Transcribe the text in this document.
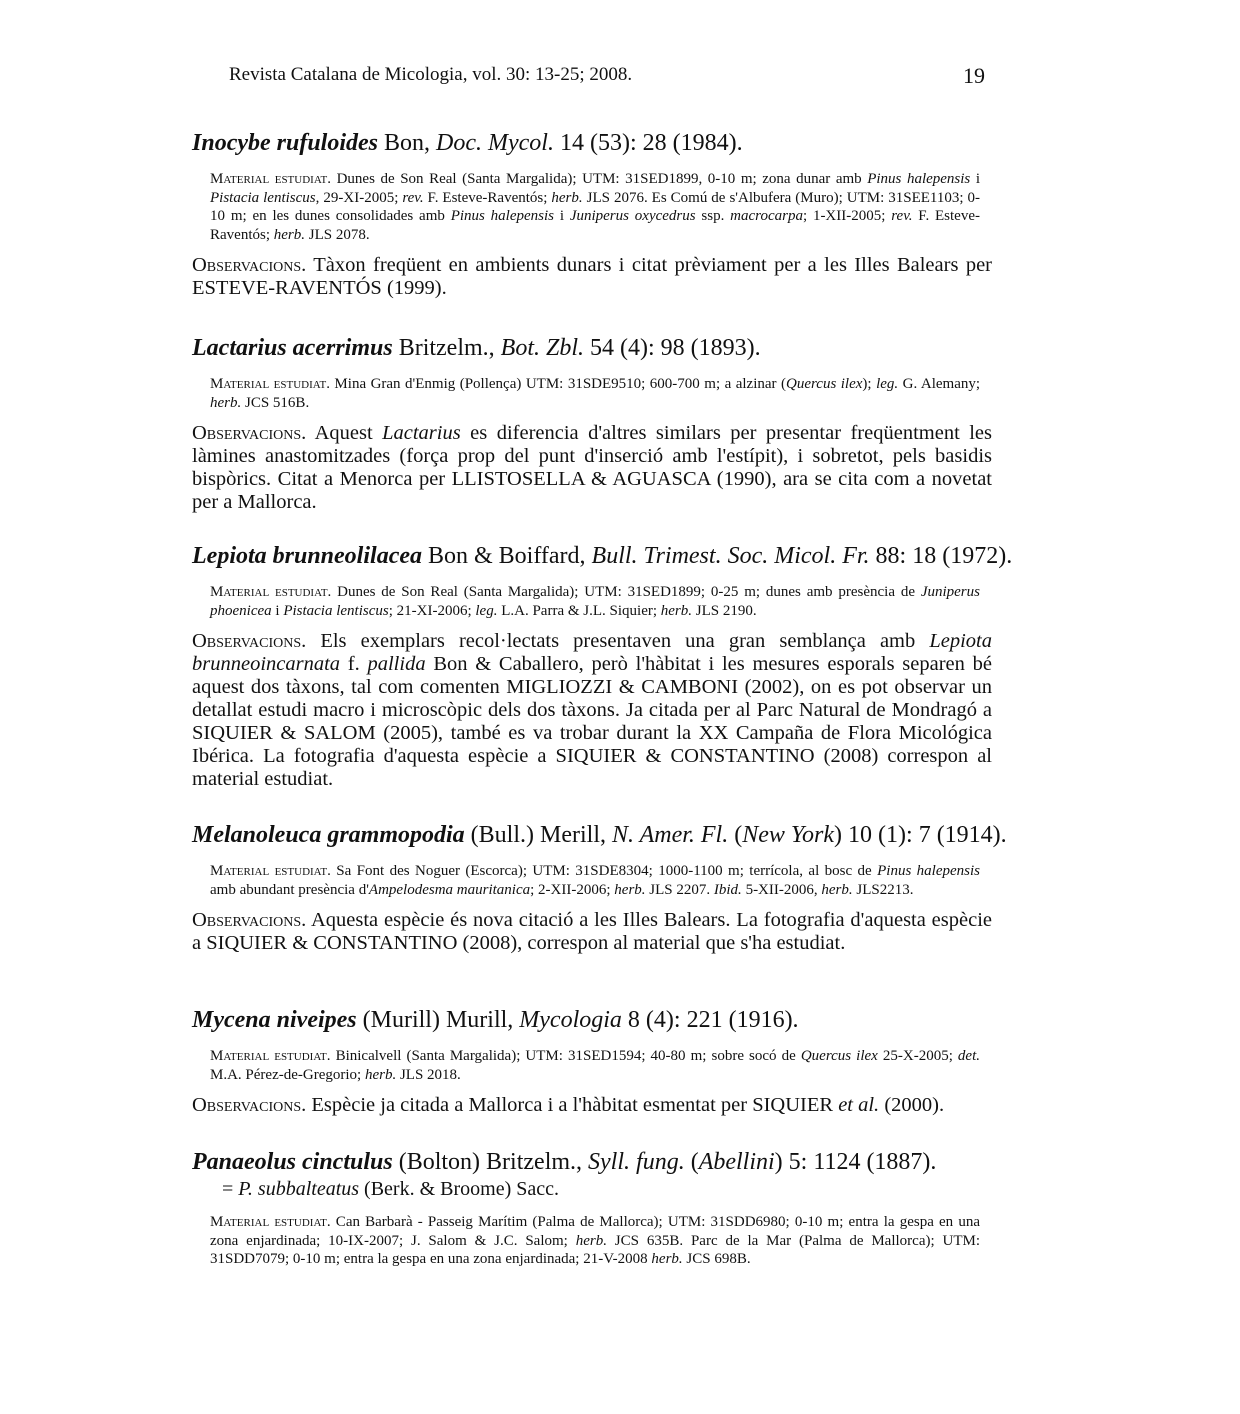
Revista Catalana de Micologia, vol. 30: 13-25; 2008.	19
Inocybe rufuloides Bon, Doc. Mycol. 14 (53): 28 (1984).
Material estudiat. Dunes de Son Real (Santa Margalida); UTM: 31SED1899, 0-10 m; zona dunar amb Pinus halepensis i Pistacia lentiscus, 29-XI-2005; rev. F. Esteve-Raventós; herb. JLS 2076. Es Comú de s'Albufera (Muro); UTM: 31SEE1103; 0-10 m; en les dunes consolidades amb Pinus halepensis i Juniperus oxycedrus ssp. macrocarpa; 1-XII-2005; rev. F. Esteve-Raventós; herb. JLS 2078.
Observacions. Tàxon freqüent en ambients dunars i citat prèviament per a les Illes Balears per ESTEVE-RAVENTÓS (1999).
Lactarius acerrimus Britzelm., Bot. Zbl. 54 (4): 98 (1893).
Material estudiat. Mina Gran d'Enmig (Pollença) UTM: 31SDE9510; 600-700 m; a alzinar (Quercus ilex); leg. G. Alemany; herb. JCS 516B.
Observacions. Aquest Lactarius es diferencia d'altres similars per presentar freqüentment les làmines anastomitzades (força prop del punt d'inserció amb l'estípit), i sobretot, pels basidis bispòrics. Citat a Menorca per LLISTOSELLA & AGUASCA (1990), ara se cita com a novetat per a Mallorca.
Lepiota brunneolilacea Bon & Boiffard, Bull. Trimest. Soc. Micol. Fr. 88: 18 (1972).
Material estudiat. Dunes de Son Real (Santa Margalida); UTM: 31SED1899; 0-25 m; dunes amb presència de Juniperus phoenicea i Pistacia lentiscus; 21-XI-2006; leg. L.A. Parra & J.L. Siquier; herb. JLS 2190.
Observacions. Els exemplars recol·lectats presentaven una gran semblança amb Lepiota brunneoincarnata f. pallida Bon & Caballero, però l'hàbitat i les mesures esporals separen bé aquest dos tàxons, tal com comenten MIGLIOZZI & CAMBONI (2002), on es pot observar un detallat estudi macro i microscòpic dels dos tàxons. Ja citada per al Parc Natural de Mondragó a SIQUIER & SALOM (2005), també es va trobar durant la XX Campaña de Flora Micológica Ibérica. La fotografia d'aquesta espècie a SIQUIER & CONSTANTINO (2008) correspon al material estudiat.
Melanoleuca grammopodia (Bull.) Merill, N. Amer. Fl. (New York) 10 (1): 7 (1914).
Material estudiat. Sa Font des Noguer (Escorca); UTM: 31SDE8304; 1000-1100 m; terrícola, al bosc de Pinus halepensis amb abundant presència d'Ampelodesma mauritanica; 2-XII-2006; herb. JLS 2207. Ibid. 5-XII-2006, herb. JLS2213.
Observacions. Aquesta espècie és nova citació a les Illes Balears. La fotografia d'aquesta espècie a SIQUIER & CONSTANTINO (2008), correspon al material que s'ha estudiat.
Mycena niveipes (Murill) Murill, Mycologia 8 (4): 221 (1916).
Material estudiat. Binicalvell (Santa Margalida); UTM: 31SED1594; 40-80 m; sobre socó de Quercus ilex 25-X-2005; det. M.A. Pérez-de-Gregorio; herb. JLS 2018.
Observacions. Espècie ja citada a Mallorca i a l'hàbitat esmentat per SIQUIER et al. (2000).
Panaeolus cinctulus (Bolton) Britzelm., Syll. fung. (Abellini) 5: 1124 (1887).
= P. subbalteatus (Berk. & Broome) Sacc.
Material estudiat. Can Barbarà - Passeig Marítim (Palma de Mallorca); UTM: 31SDD6980; 0-10 m; entra la gespa en una zona enjardinada; 10-IX-2007; J. Salom & J.C. Salom; herb. JCS 635B. Parc de la Mar (Palma de Mallorca); UTM: 31SDD7079; 0-10 m; entra la gespa en una zona enjardinada; 21-V-2008 herb. JCS 698B.
